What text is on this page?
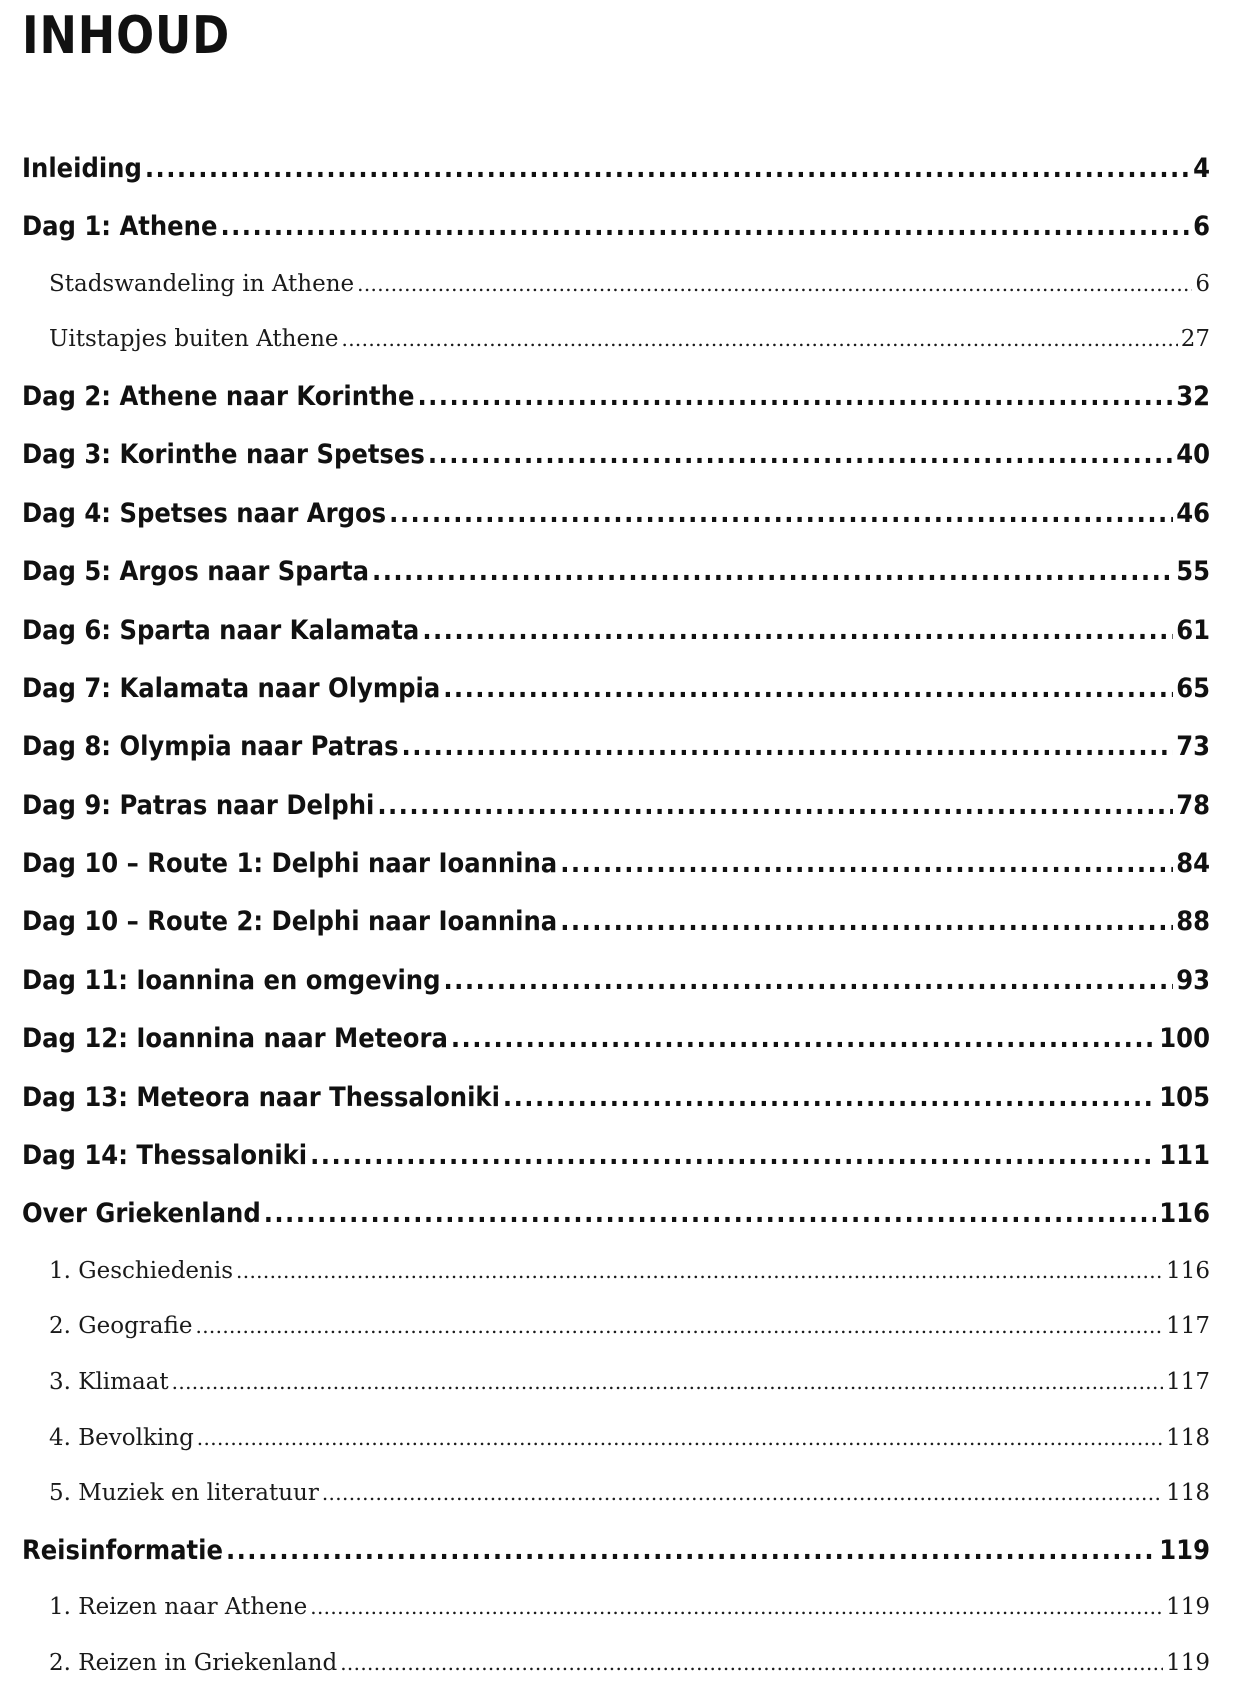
INHOUD
Inleiding . . .	4
Dag 1: Athene . . .	6
Stadswandeling in Athene . . .	6
Uitstapjes buiten Athene . . .	27
Dag 2: Athene naar Korinthe . . .	32
Dag 3: Korinthe naar Spetses . . .	40
Dag 4: Spetses naar Argos . . .	46
Dag 5: Argos naar Sparta . . .	55
Dag 6: Sparta naar Kalamata . . .	61
Dag 7: Kalamata naar Olympia . . .	65
Dag 8: Olympia naar Patras . . .	73
Dag 9: Patras naar Delphi . . .	78
Dag 10 – Route 1: Delphi naar Ioannina . . .	84
Dag 10 – Route 2: Delphi naar Ioannina . . .	88
Dag 11: Ioannina en omgeving . . .	93
Dag 12: Ioannina naar Meteora . . .	100
Dag 13: Meteora naar Thessaloniki . . .	105
Dag 14: Thessaloniki . . .	111
Over Griekenland . . .	116
1. Geschiedenis . . .	116
2. Geografie . . .	117
3. Klimaat . . .	117
4. Bevolking . . .	118
5. Muziek en literatuur . . .	118
Reisinformatie . . .	119
1. Reizen naar Athene . . .	119
2. Reizen in Griekenland . . .	119
